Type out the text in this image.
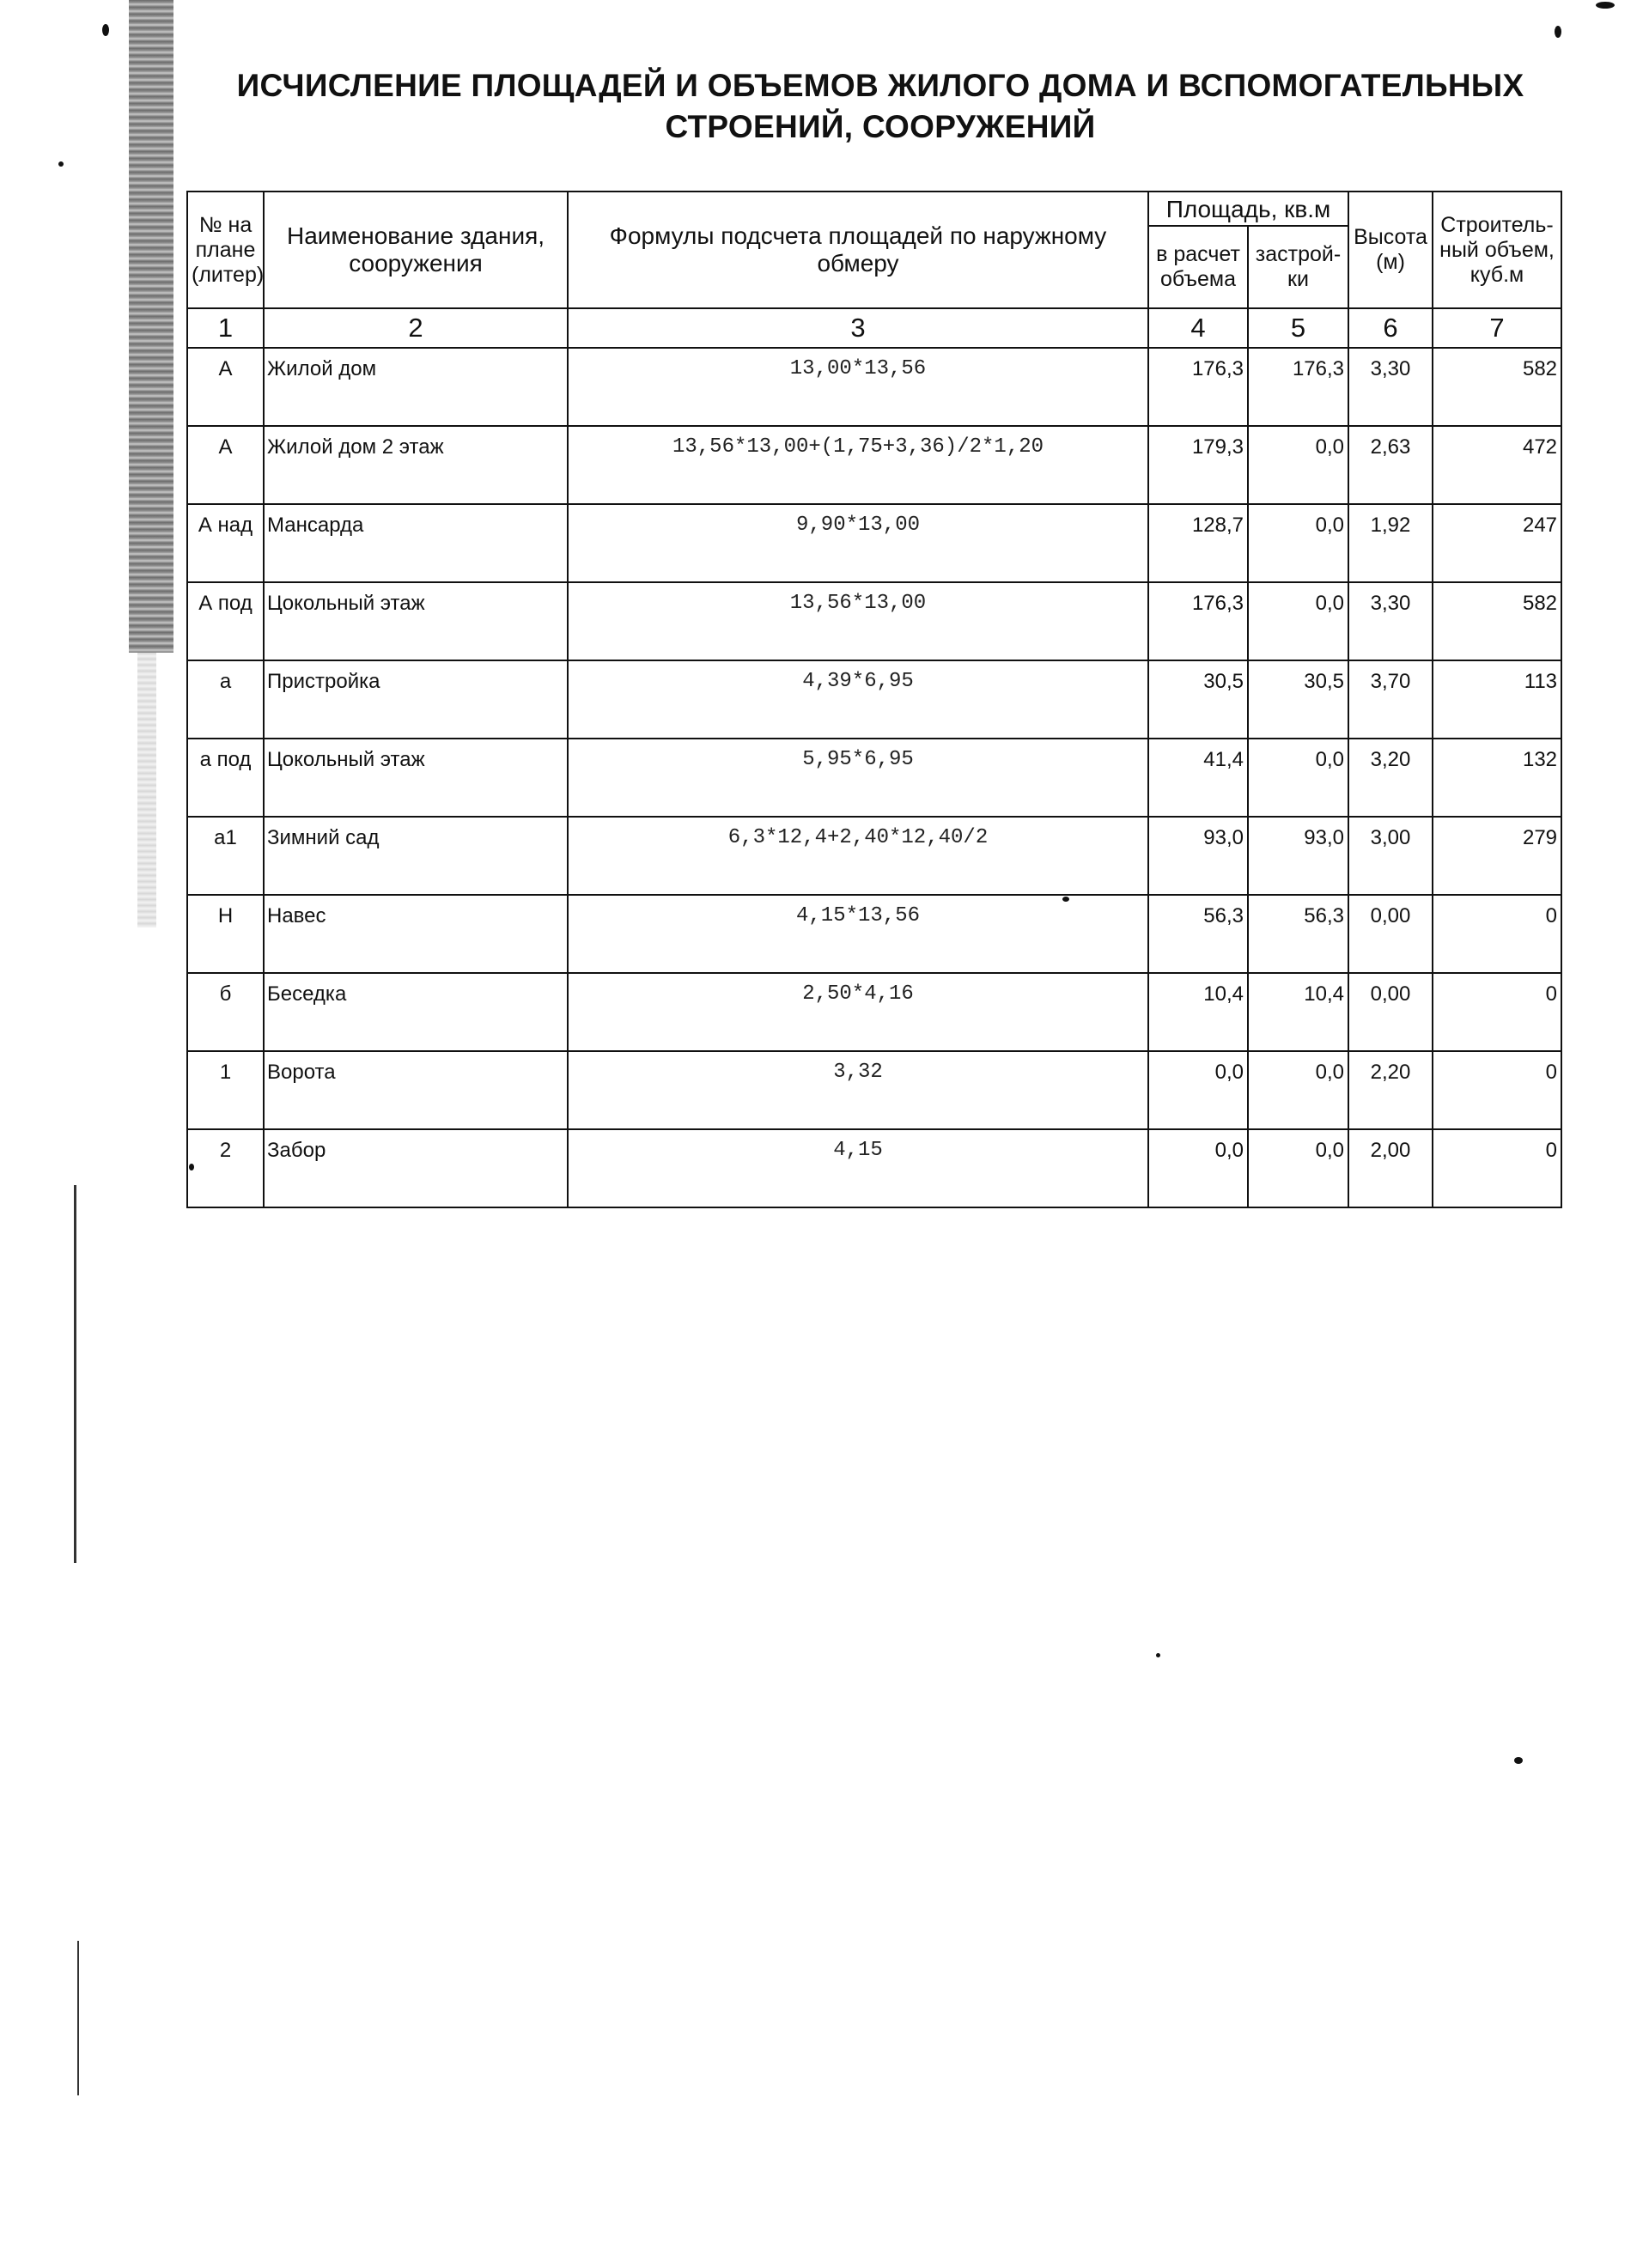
ИСЧИСЛЕНИЕ ПЛОЩАДЕЙ И ОБЪЕМОВ ЖИЛОГО ДОМА И ВСПОМОГАТЕЛЬНЫХ СТРОЕНИЙ, СООРУЖЕНИЙ
№ на плане (литер)	Наименование здания, сооружения	Формулы подсчета площадей по наружному обмеру	Площадь, кв.м		Высота (м)	Строитель-ный объем, куб.м
			в расчет объема	застрой-ки		
1	2	3	4	5	6	7
А	Жилой дом	13,00*13,56	176,3	176,3	3,30	582
А	Жилой дом 2 этаж	13,56*13,00+(1,75+3,36)/2*1,20	179,3	0,0	2,63	472
А над	Мансарда	9,90*13,00	128,7	0,0	1,92	247
А под	Цокольный этаж	13,56*13,00	176,3	0,0	3,30	582
а	Пристройка	4,39*6,95	30,5	30,5	3,70	113
а под	Цокольный этаж	5,95*6,95	41,4	0,0	3,20	132
а1	Зимний сад	6,3*12,4+2,40*12,40/2	93,0	93,0	3,00	279
Н	Навес	4,15*13,56	56,3	56,3	0,00	0
б	Беседка	2,50*4,16	10,4	10,4	0,00	0
1	Ворота	3,32	0,0	0,0	2,20	0
2	Забор	4,15	0,0	0,0	2,00	0
